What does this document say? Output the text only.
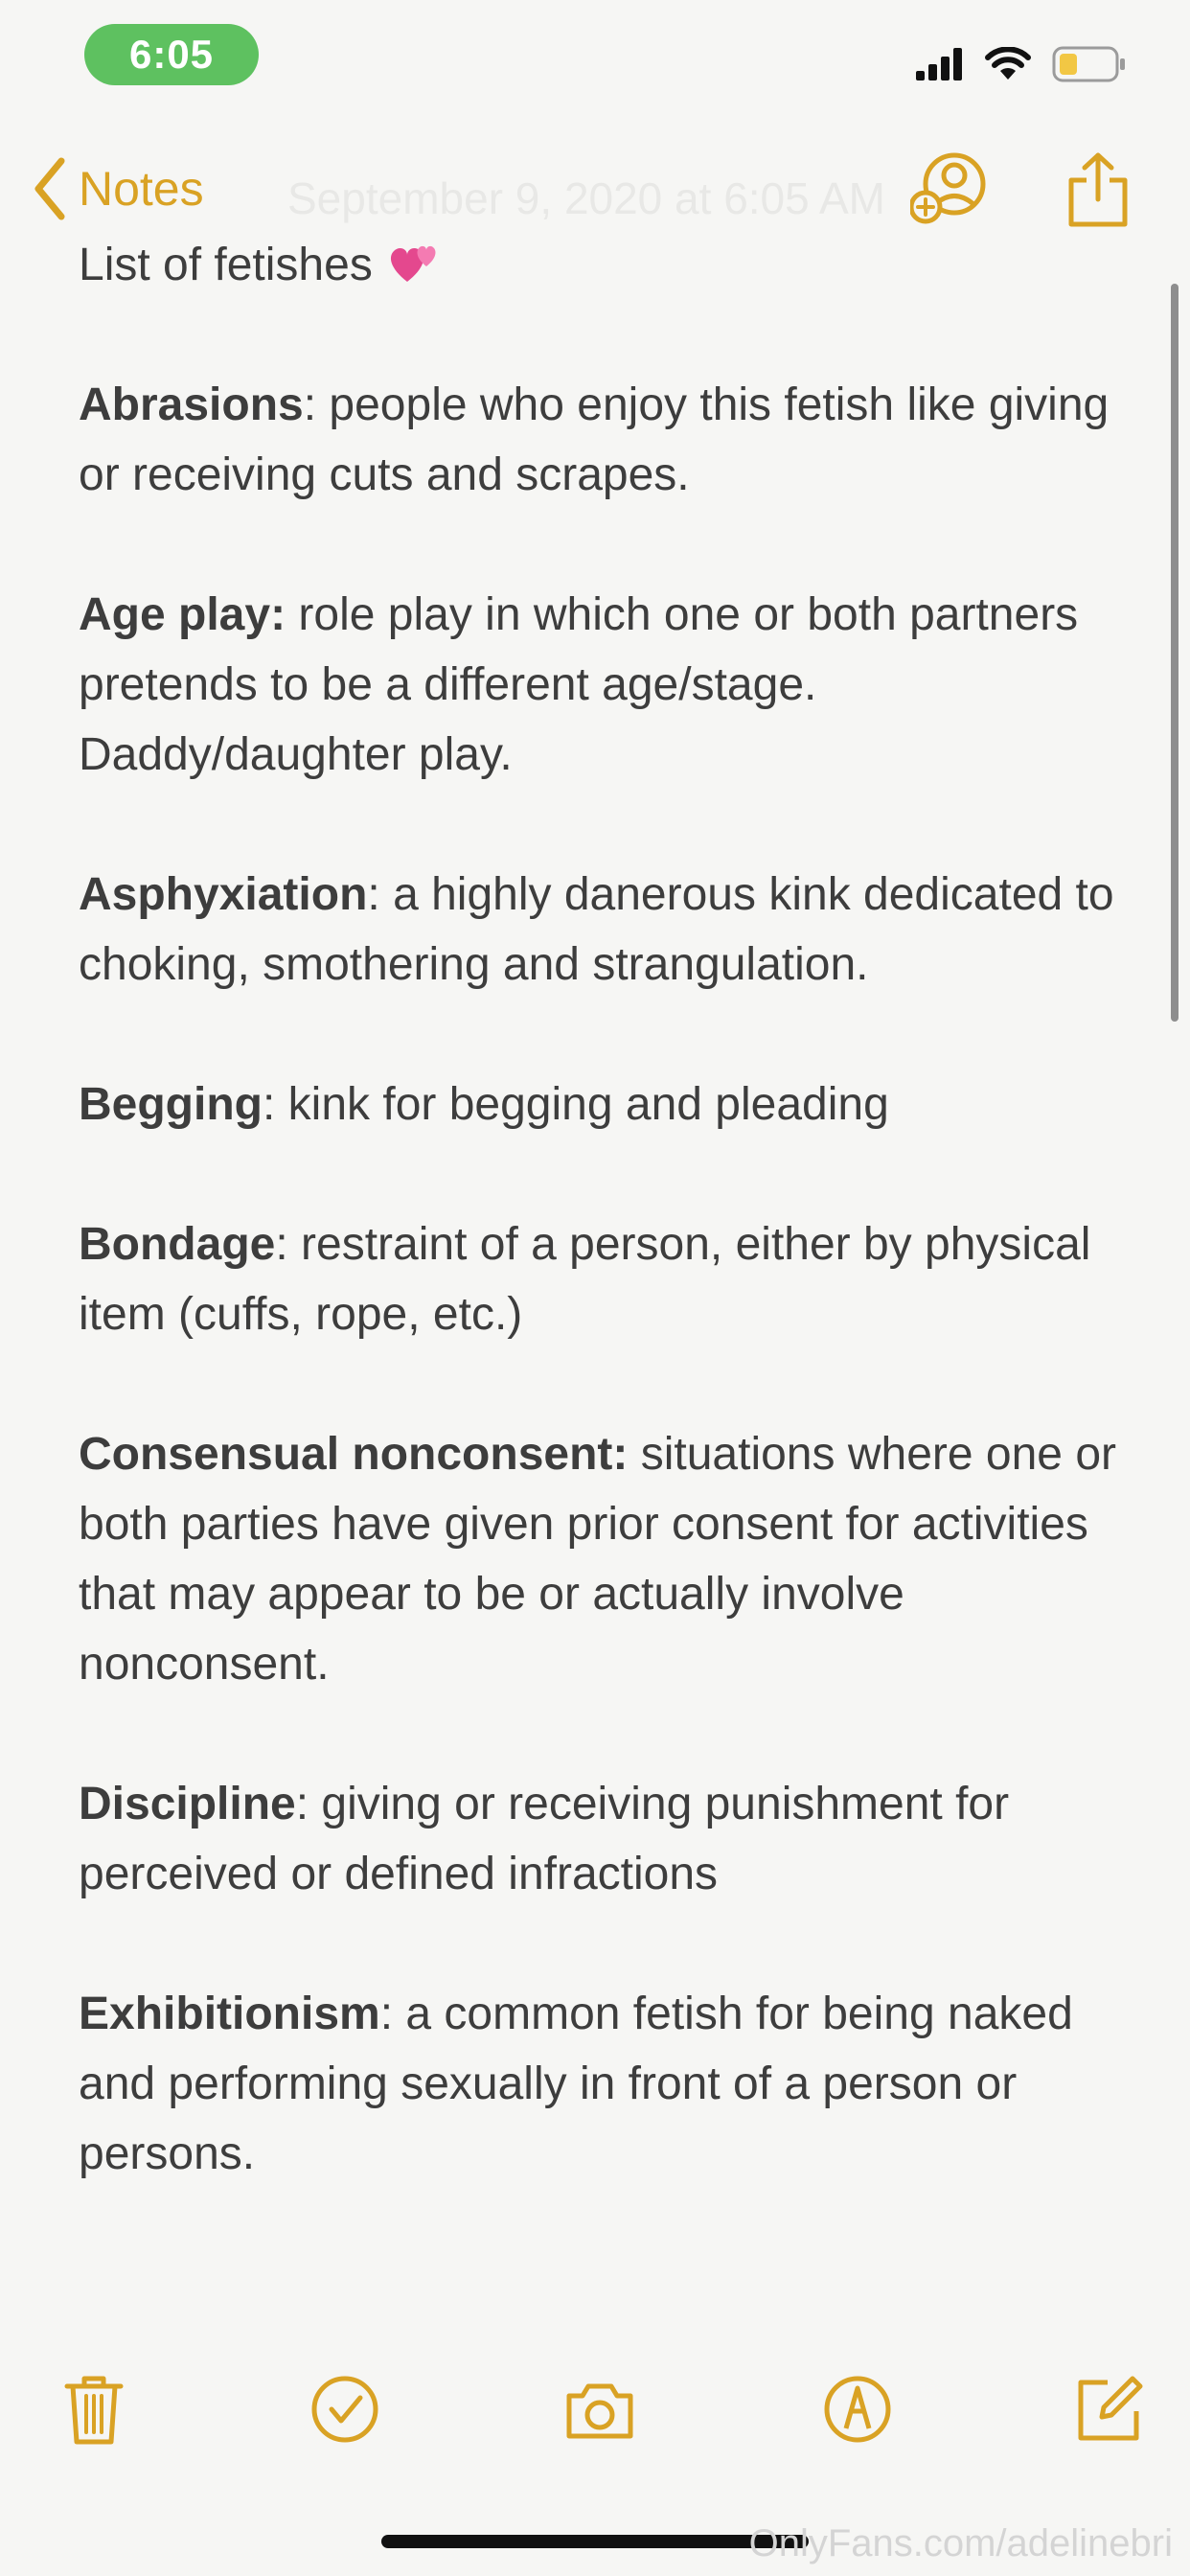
6:05
Notes September 9, 2020 at 6:05 AM
List of fetishes
Abrasions: people who enjoy this fetish like giving or receiving cuts and scrapes.
Age play: role play in which one or both partners pretends to be a different age/stage. Daddy/daughter play.
Asphyxiation: a highly danerous kink dedicated to choking, smothering and strangulation.
Begging: kink for begging and pleading
Bondage: restraint of a person, either by physical item (cuffs, rope, etc.)
Consensual nonconsent: situations where one or both parties have given prior consent for activities that may appear to be or actually involve nonconsent.
Discipline: giving or receiving punishment for perceived or defined infractions
Exhibitionism: a common fetish for being naked and performing sexually in front of a person or persons.
OnlyFans.com/adelinebri
